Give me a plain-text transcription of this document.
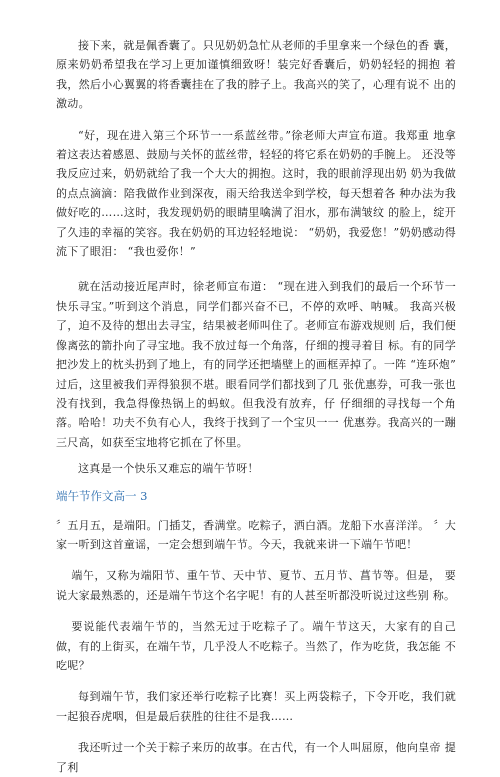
接下来，就是佩香囊了。只见奶奶急忙从老师的手里拿来一个绿色的香 囊，原来奶奶希望我在学习上更加谨慎细致呀！装完好香囊后，奶奶轻轻的拥抱 着我，然后小心翼翼的将香囊挂在了我的脖子上。我高兴的笑了，心理有说不 出的激动。

“好，现在进入第三个环节一一系蓝丝带。”徐老师大声宣布道。我郑重 地拿着这表达着感恩、鼓励与关怀的蓝丝带，轻轻的将它系在奶奶的手腕上。 还没等我反应过来，奶奶就给了我一个大大的拥抱。这时，我的眼前浮现出奶 奶为我做的点点滴滴：陪我做作业到深夜，雨天给我送伞到学校，每天想着各 种办法为我做好吃的……这时，我发现奶奶的眼睛里噙满了泪水，那布满皱纹 的脸上，绽开了久违的幸福的笑容。我在奶奶的耳边轻轻地说： “奶奶，我爱您！”奶奶感动得流下了眼泪： “我也爱你！”

就在活动接近尾声时，徐老师宣布道： “现在进入到我们的最后一个环节一快乐寻宝。”听到这个消息，同学们都兴奋不已，不停的欢呼、呐喊。 我高兴极了，迫不及待的想出去寻宝，结果被老师叫住了。老师宣布游戏规则 后，我们便像离弦的箭扑向了寻宝地。我不放过每一个角落，仔细的搜寻着目 标。有的同学把沙发上的枕头扔到了地上，有的同学还把墙壁上的画框弄掉了。一阵 “连环炮” 过后，这里被我们弄得狼狈不堪。眼看同学们都找到了几 张优惠券，可我一张也没有找到，我急得像热锅上的蚂蚁。但我没有放弃，仔 仔细细的寻找每一个角落。哈哈！功夫不负有心人，我终于找到了一个宝贝一一 优惠券。我高兴的一蹦三尺高，如获至宝地将它抓在了怀里。

这真是一个快乐又难忘的端午节呀！

端午节作文高一 3

〞五月五，是端阳。门插艾，香满堂。吃粽子，洒白酒。龙船下水喜洋洋。 〞大家一听到这首童谣，一定会想到端午节。今天，我就来讲一下端午节吧！

端午，又称为端阳节、重午节、天中节、夏节、五月节、菖节等。但是， 要说大家最熟悉的，还是端午节这个名字呢！有的人甚至听都没听说过这些别 称。

要说能代表端午节的，当然无过于吃粽子了。端午节这天，大家有的自己 做，有的上街买，在端午节，几乎没人不吃粽子。当然了，作为吃货，我怎能 不吃呢？

每到端午节，我们家还举行吃粽子比赛！买上两袋粽子，下令开吃，我们就 一起狼吞虎咽，但是最后获胜的往往不是我……

我还听过一个关于粽子来历的故事。在古代，有一个人叫屈原，他向皇帝 提了利
